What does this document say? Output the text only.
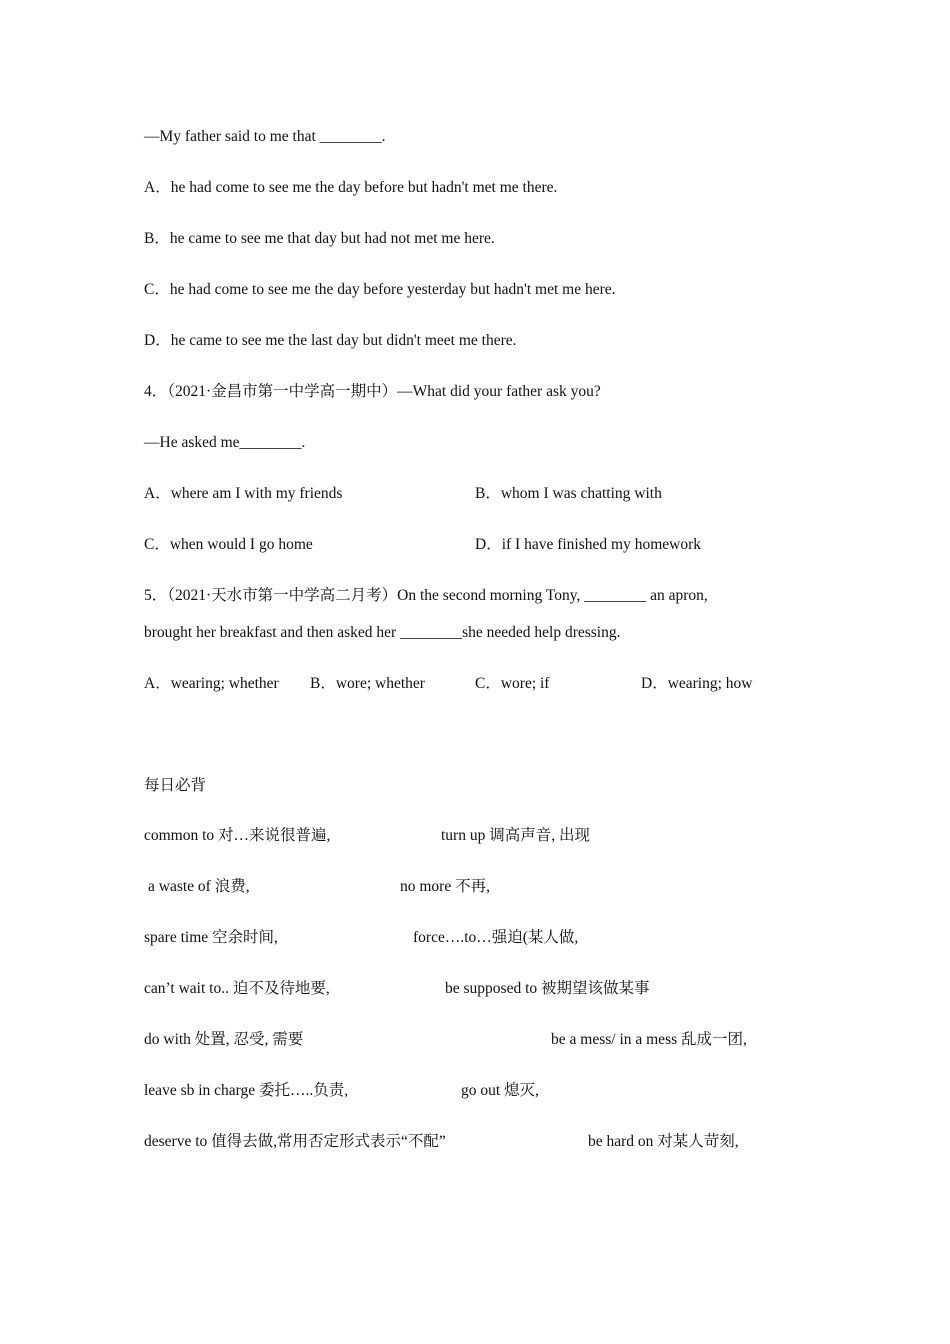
—My father said to me that ________.
A．he had come to see me the day before but hadn't met me there.
B．he came to see me that day but had not met me here.
C．he had come to see me the day before yesterday but hadn't met me here.
D．he came to see me the last day but didn't meet me there.
4．（2021·金昌市第一中学高一期中）—What did your father ask you?
—He asked me________.
A．where am I with my friends	B．whom I was chatting with
C．when would I go home	D．if I have finished my homework
5．（2021·天水市第一中学高二月考）On the second morning Tony, ________ an apron,
brought her breakfast and then asked her ________she needed help dressing.
A．wearing; whether B．wore; whether	C．wore; if	D．wearing; how
每日必背
common to 对…来说很普遍,	turn up 调高声音, 出现
a waste of 浪费,	no more 不再,
spare time 空余时间,	force….to…强迫(某人做,
can’t wait to.. 迫不及待地要,	be supposed to 被期望该做某事
do with 处置, 忍受, 需要	be a mess/ in a mess 乱成一团,
leave sb in charge 委托…..负责,	go out 熄灭,
deserve to 值得去做,常用否定形式表示“不配”	be hard on 对某人苛刻,
